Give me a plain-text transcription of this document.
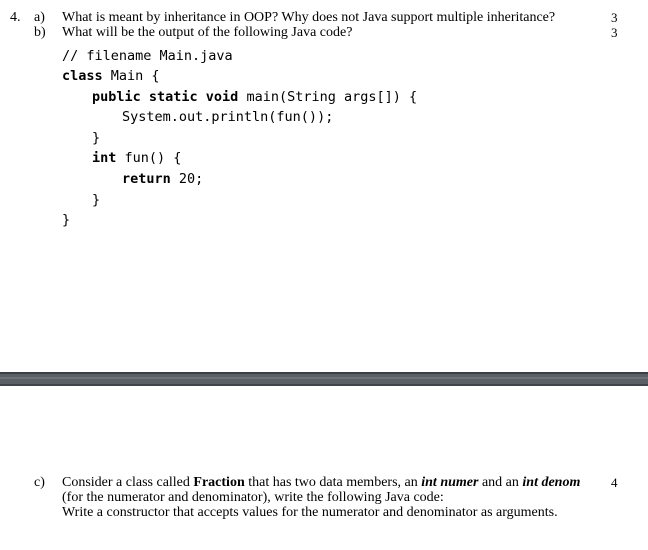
4. a) What is meant by inheritance in OOP? Why does not Java support multiple inheritance?	3
b) What will be the output of the following Java code?	3
// filename Main.java
class Main {
public static void main(String args[]) {
System.out.println(fun());
}
int fun() {
return 20;
}
}
c) Consider a class called Fraction that has two data members, an int numer and an int denom 4
(for the numerator and denominator), write the following Java code:
Write a constructor that accepts values for the numerator and denominator as arguments.
